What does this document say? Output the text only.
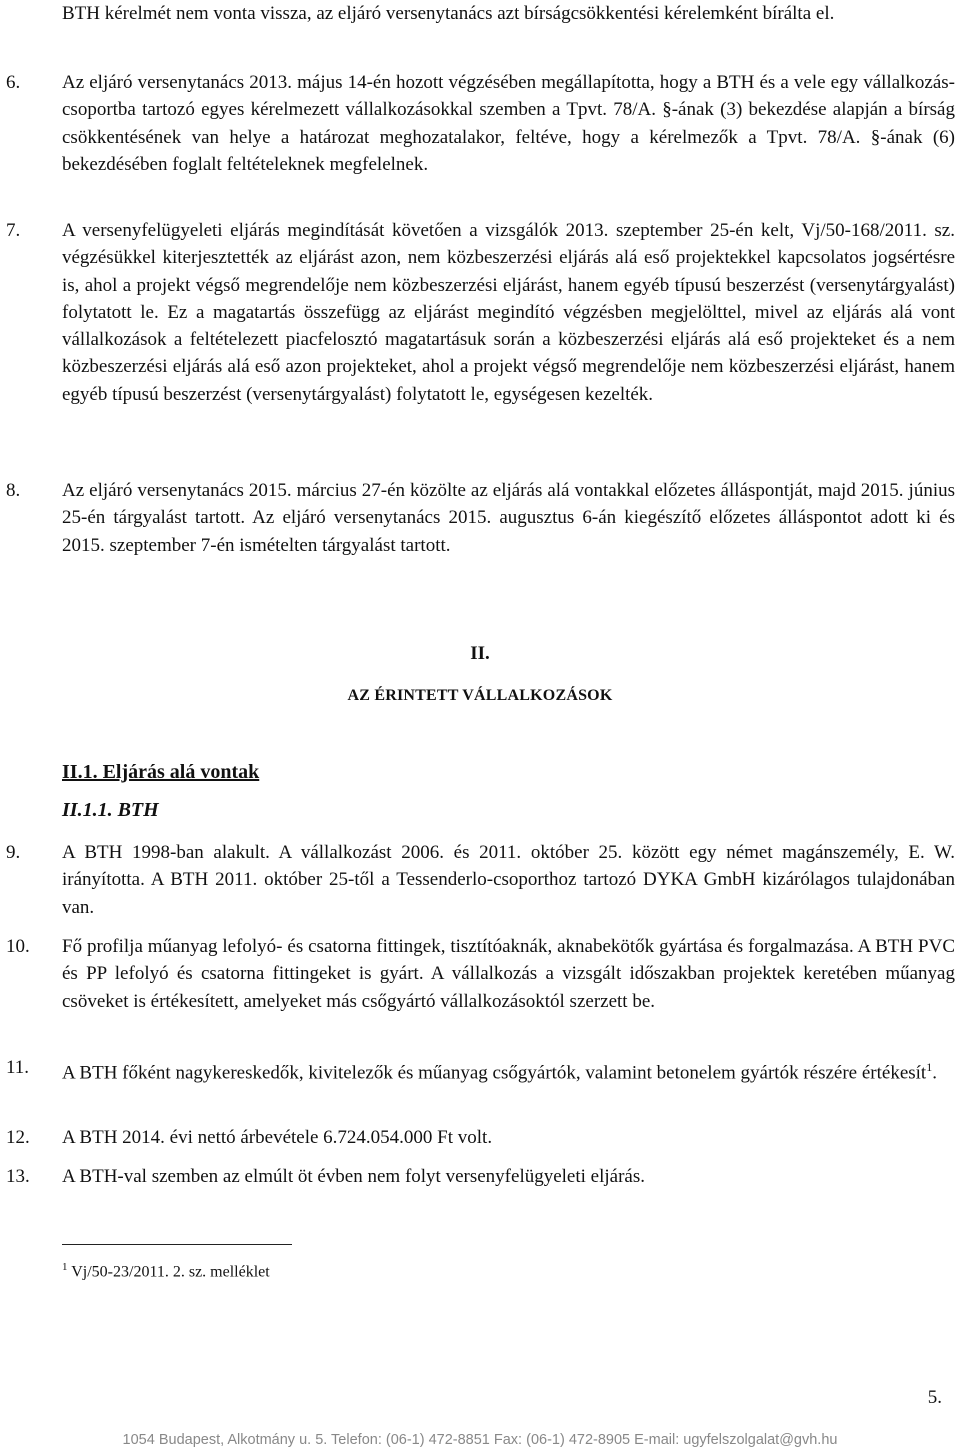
BTH kérelmét nem vonta vissza, az eljáró versenytanács azt bírságcsökkentési kérelemként bírálta el.

6. Az eljáró versenytanács 2013. május 14-én hozott végzésében megállapította, hogy a BTH és a vele egy vállalkozás-csoportba tartozó egyes kérelmezett vállalkozásokkal szemben a Tpvt. 78/A. §-ának (3) bekezdése alapján a bírság csökkentésének van helye a határozat meghozatalakor, feltéve, hogy a kérelmezők a Tpvt. 78/A. §-ának (6) bekezdésében foglalt feltételeknek megfelelnek.

7. A versenyfelügyeleti eljárás megindítását követően a vizsgálók 2013. szeptember 25-én kelt, Vj/50-168/2011. sz. végzésükkel kiterjesztették az eljárást azon, nem közbeszerzési eljárás alá eső projektekkel kapcsolatos jogsértésre is, ahol a projekt végső megrendelője nem közbeszerzési eljárást, hanem egyéb típusú beszerzést (versenytárgyalást) folytatott le. Ez a magatartás összefügg az eljárást megindító végzésben megjelölttel, mivel az eljárás alá vont vállalkozások a feltételezett piacfelosztó magatartásuk során a közbeszerzési eljárás alá eső projekteket és a nem közbeszerzési eljárás alá eső azon projekteket, ahol a projekt végső megrendelője nem közbeszerzési eljárást, hanem egyéb típusú beszerzést (versenytárgyalást) folytatott le, egységesen kezelték.

8. Az eljáró versenytanács 2015. március 27-én közölte az eljárás alá vontakkal előzetes álláspontját, majd 2015. június 25-én tárgyalást tartott. Az eljáró versenytanács 2015. augusztus 6-án kiegészítő előzetes álláspontot adott ki és 2015. szeptember 7-én ismételten tárgyalást tartott.

II.
AZ ÉRINTETT VÁLLALKOZÁSOK
II.1. Eljárás alá vontak
II.1.1. BTH
9. A BTH 1998-ban alakult. A vállalkozást 2006. és 2011. október 25. között egy német magánszemély, E. W. irányította. A BTH 2011. október 25-től a Tessenderlo-csoporthoz tartozó DYKA GmbH kizárólagos tulajdonában van.

10. Fő profilja műanyag lefolyó- és csatorna fittingek, tisztítóaknák, aknabekötők gyártása és forgalmazása. A BTH PVC és PP lefolyó és csatorna fittingeket is gyárt. A vállalkozás a vizsgált időszakban projektek keretében műanyag csöveket is értékesített, amelyeket más csőgyártó vállalkozásoktól szerzett be.

11. A BTH főként nagykereskedők, kivitelezők és műanyag csőgyártók, valamint betonelem gyártók részére értékesít$^1$.

12. A BTH 2014. évi nettó árbevétele 6.724.054.000 Ft volt.

13. A BTH-val szemben az elmúlt öt évben nem folyt versenyfelügyeleti eljárás.

$^1$ Vj/50-23/2011. 2. sz. melléklet
5.
1054 Budapest, Alkotmány u. 5. Telefon: (06-1) 472-8851 Fax: (06-1) 472-8905 E-mail: ugyfelszolgalat@gvh.hu
